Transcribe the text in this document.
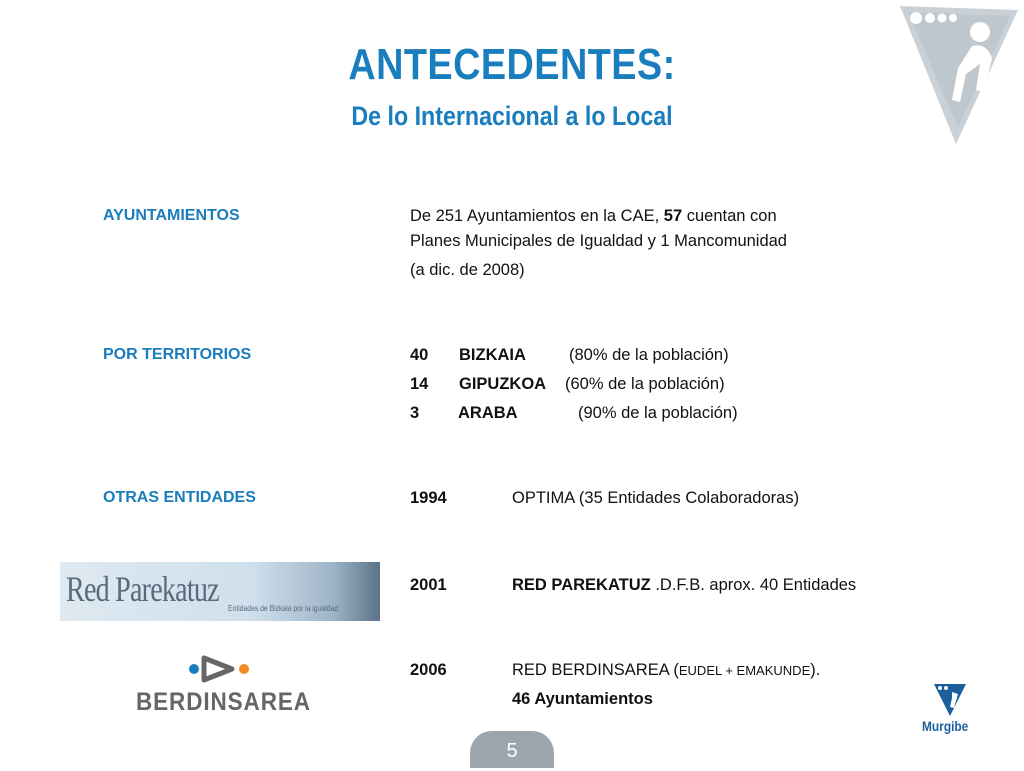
ANTECEDENTES:
De lo Internacional a lo Local
AYUNTAMIENTOS	De 251 Ayuntamientos en la CAE, 57 cuentan con
Planes Municipales de Igualdad y 1 Mancomunidad
(a dic. de 2008)
POR TERRITORIOS	40 BIZKAIA	(80% de la población)
14 GIPUZKOA (60% de la población)
3 ARABA	(90% de la población)
OTRAS ENTIDADES	1994	OPTIMA (35 Entidades Colaboradoras)
Red Parekatuz Entidades de Bizkaia por la igualdad
2001	RED PAREKATUZ .D.F.B. aprox. 40 Entidades
BERDINSAREA
2006	RED BERDINSAREA (EUDEL + EMAKUNDE).
46 Ayuntamientos
Murgibe
5
